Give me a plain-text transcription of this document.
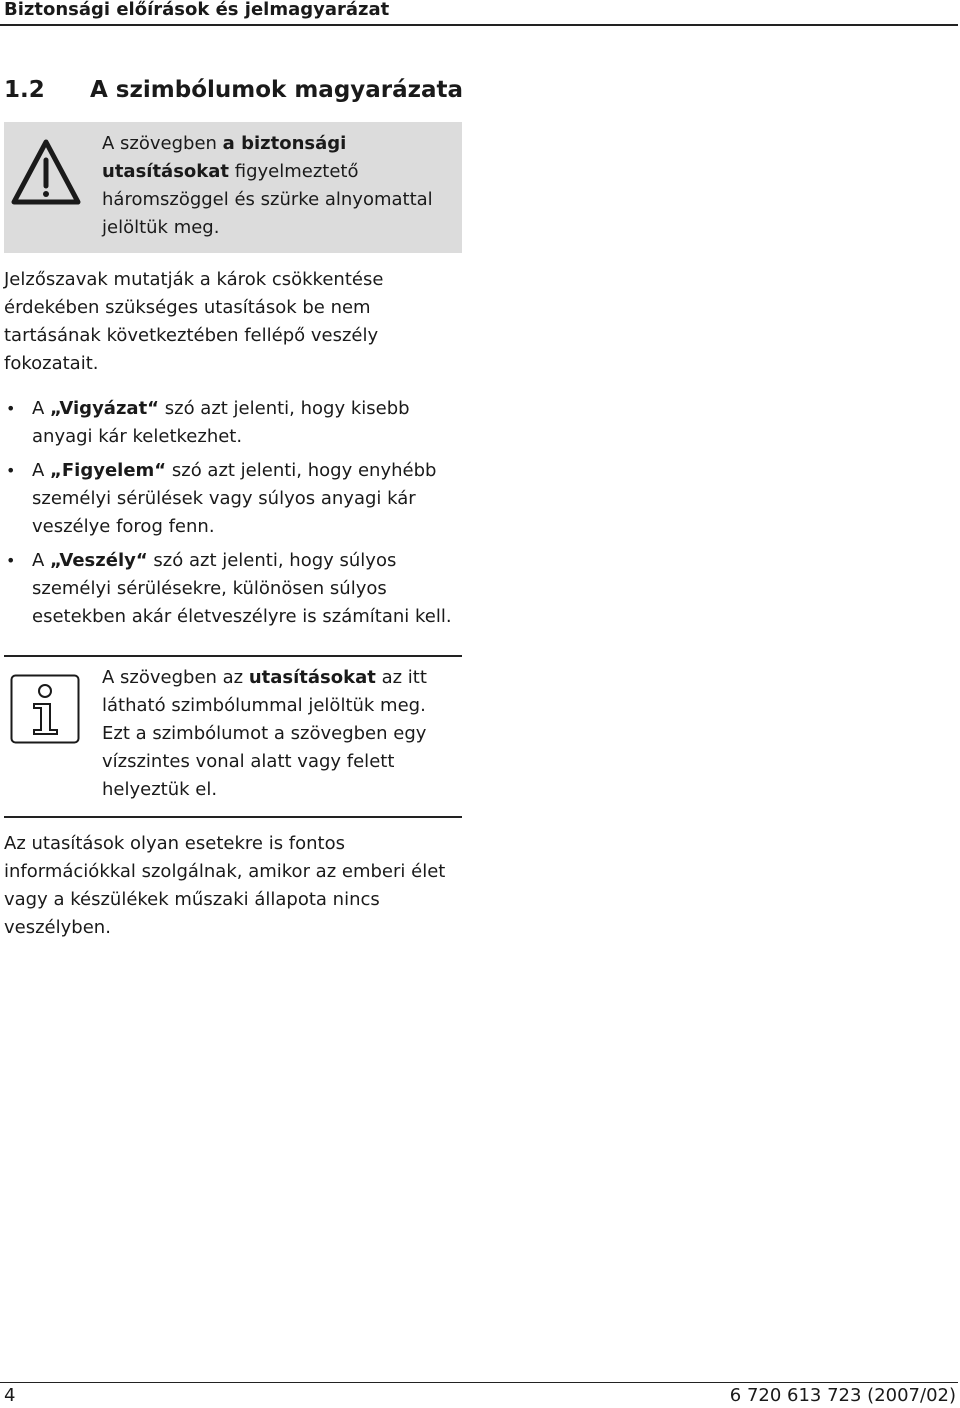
Biztonsági előírások és jelmagyarázat
1.2 A szimbólumok magyarázata
A szövegben a biztonsági utasításokat figyelmeztető háromszöggel és szürke alnyomattal jelöltük meg.

Jelzőszavak mutatják a károk csökkentése érdekében szükséges utasítások be nem tartásának következtében fellépő veszély fokozatait.

• A „Vigyázat“ szó azt jelenti, hogy kisebb anyagi kár keletkezhet.
• A „Figyelem“ szó azt jelenti, hogy enyhébb személyi sérülések vagy súlyos anyagi kár veszélye forog fenn.
• A „Veszély“ szó azt jelenti, hogy súlyos személyi sérülésekre, különösen súlyos esetekben akár életveszélyre is számítani kell.
A szövegben az utasításokat az itt látható szimbólummal jelöltük meg. Ezt a szimbólumot a szövegben egy vízszintes vonal alatt vagy felett helyeztük el.

Az utasítások olyan esetekre is fontos információkkal szolgálnak, amikor az emberi élet vagy a készülékek műszaki állapota nincs veszélyben.

4	6 720 613 723 (2007/02)
